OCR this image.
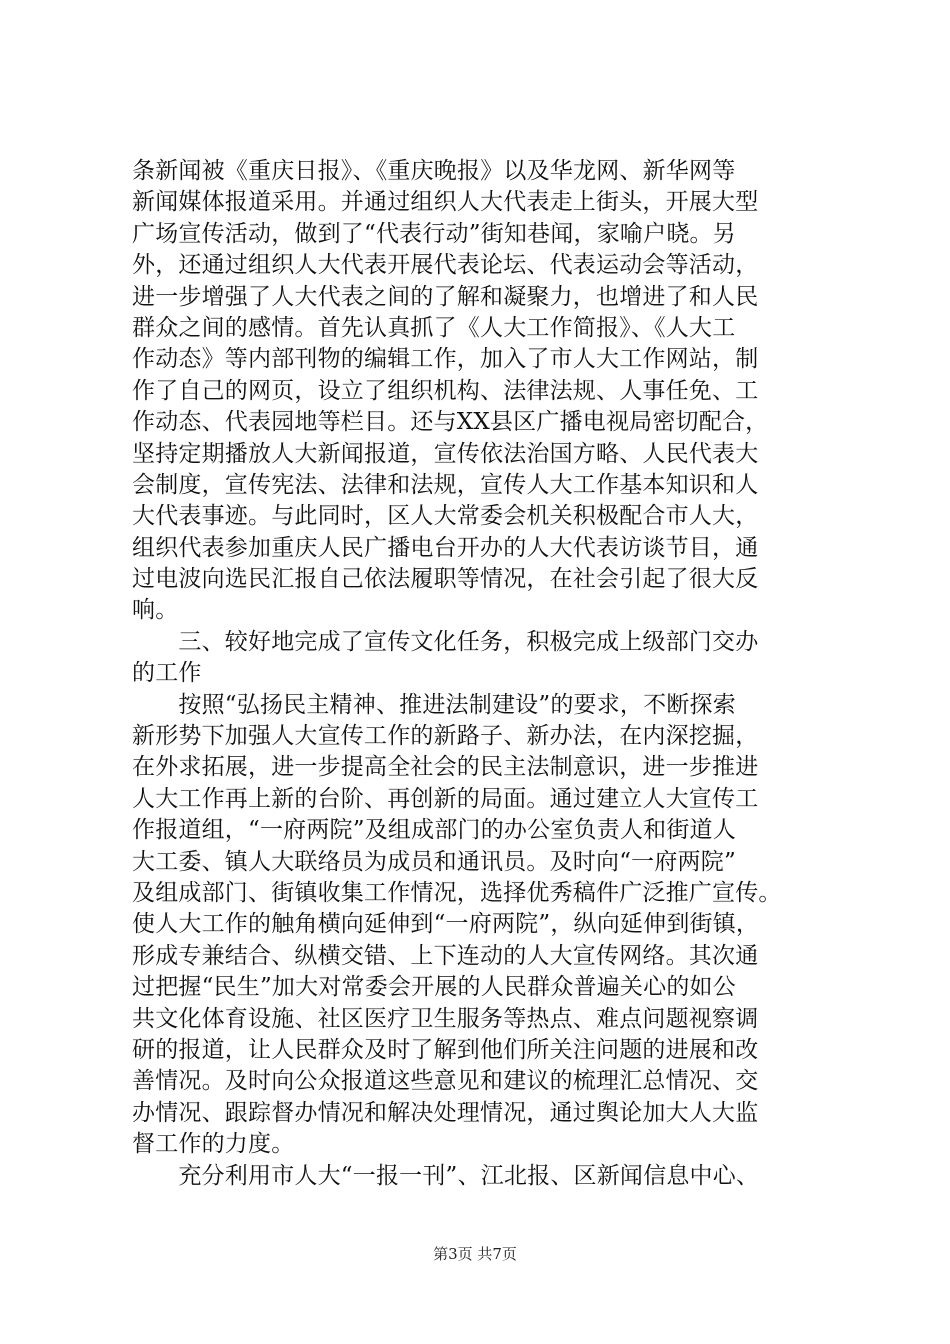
条新闻被《重庆日报》、《重庆晚报》以及华龙网、新华网等
新闻媒体报道采用。并通过组织人大代表走上街头，开展大型
广场宣传活动，做到了“代表行动”街知巷闻，家喻户晓。另
外，还通过组织人大代表开展代表论坛、代表运动会等活动，
进一步增强了人大代表之间的了解和凝聚力，也增进了和人民
群众之间的感情。首先认真抓了《人大工作简报》、《人大工
作动态》等内部刊物的编辑工作，加入了市人大工作网站，制
作了自己的网页，设立了组织机构、法律法规、人事任免、工
作动态、代表园地等栏目。还与XX县区广播电视局密切配合，
坚持定期播放人大新闻报道，宣传依法治国方略、人民代表大
会制度，宣传宪法、法律和法规，宣传人大工作基本知识和人
大代表事迹。与此同时，区人大常委会机关积极配合市人大，
组织代表参加重庆人民广播电台开办的人大代表访谈节目，通
过电波向选民汇报自己依法履职等情况，在社会引起了很大反
响。
　　三、较好地完成了宣传文化任务，积极完成上级部门交办
的工作
　　按照“弘扬民主精神、推进法制建设”的要求，不断探索
新形势下加强人大宣传工作的新路子、新办法，在内深挖掘，
在外求拓展，进一步提高全社会的民主法制意识，进一步推进
人大工作再上新的台阶、再创新的局面。通过建立人大宣传工
作报道组，“一府两院”及组成部门的办公室负责人和街道人
大工委、镇人大联络员为成员和通讯员。及时向“一府两院”
及组成部门、街镇收集工作情况，选择优秀稿件广泛推广宣传。
使人大工作的触角横向延伸到“一府两院”，纵向延伸到街镇，
形成专兼结合、纵横交错、上下连动的人大宣传网络。其次通
过把握“民生”加大对常委会开展的人民群众普遍关心的如公
共文化体育设施、社区医疗卫生服务等热点、难点问题视察调
研的报道，让人民群众及时了解到他们所关注问题的进展和改
善情况。及时向公众报道这些意见和建议的梳理汇总情况、交
办情况、跟踪督办情况和解决处理情况，通过舆论加大人大监
督工作的力度。
　　充分利用市人大“一报一刊”、江北报、区新闻信息中心、
第3页 共7页
